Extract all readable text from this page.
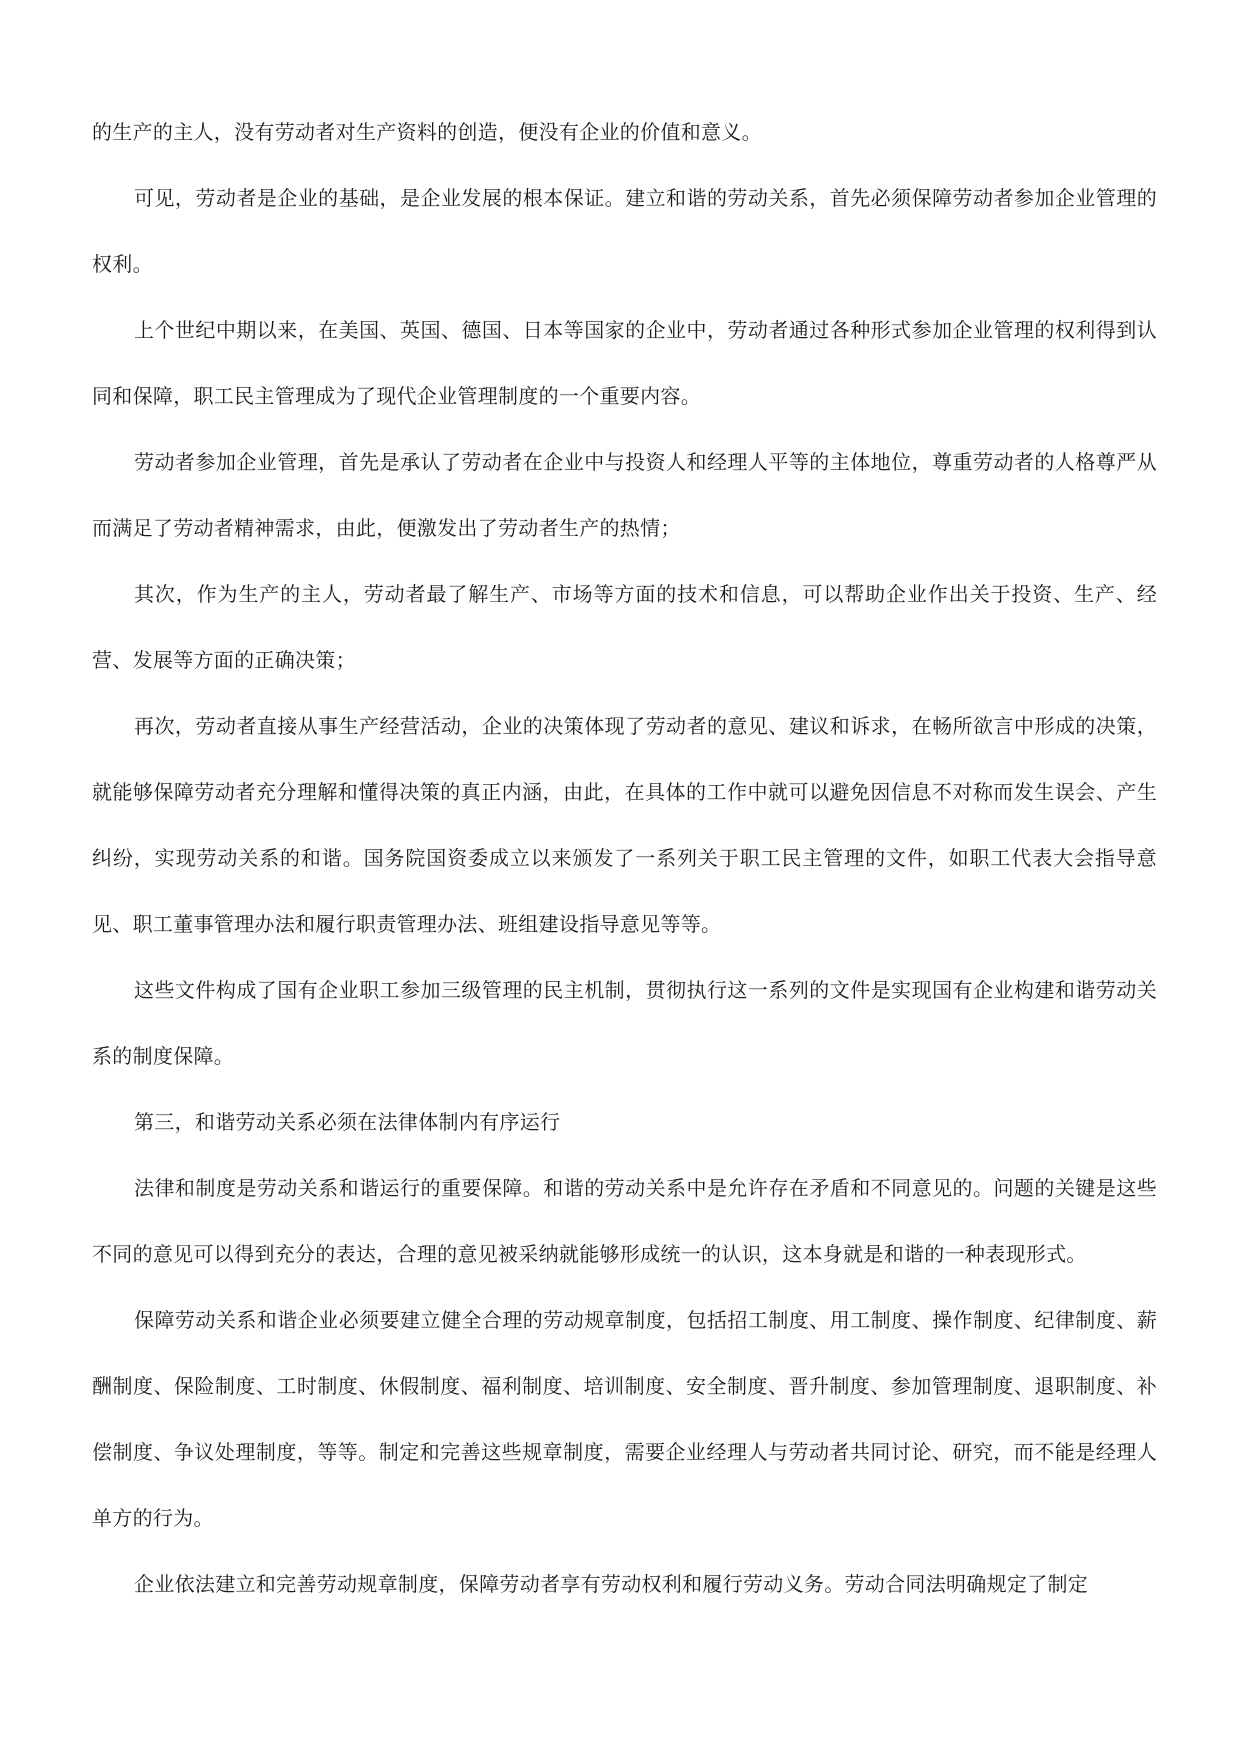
的生产的主人，没有劳动者对生产资料的创造，便没有企业的价值和意义。

可见，劳动者是企业的基础，是企业发展的根本保证。建立和谐的劳动关系，首先必须保障劳动者参加企业管理的权利。

上个世纪中期以来，在美国、英国、德国、日本等国家的企业中，劳动者通过各种形式参加企业管理的权利得到认同和保障，职工民主管理成为了现代企业管理制度的一个重要内容。

劳动者参加企业管理，首先是承认了劳动者在企业中与投资人和经理人平等的主体地位，尊重劳动者的人格尊严从而满足了劳动者精神需求，由此，便激发出了劳动者生产的热情；

其次，作为生产的主人，劳动者最了解生产、市场等方面的技术和信息，可以帮助企业作出关于投资、生产、经营、发展等方面的正确决策；

再次，劳动者直接从事生产经营活动，企业的决策体现了劳动者的意见、建议和诉求，在畅所欲言中形成的决策，就能够保障劳动者充分理解和懂得决策的真正内涵，由此，在具体的工作中就可以避免因信息不对称而发生误会、产生纠纷，实现劳动关系的和谐。国务院国资委成立以来颁发了一系列关于职工民主管理的文件，如职工代表大会指导意见、职工董事管理办法和履行职责管理办法、班组建设指导意见等等。

这些文件构成了国有企业职工参加三级管理的民主机制，贯彻执行这一系列的文件是实现国有企业构建和谐劳动关系的制度保障。

第三，和谐劳动关系必须在法律体制内有序运行

法律和制度是劳动关系和谐运行的重要保障。和谐的劳动关系中是允许存在矛盾和不同意见的。问题的关键是这些不同的意见可以得到充分的表达，合理的意见被采纳就能够形成统一的认识，这本身就是和谐的一种表现形式。

保障劳动关系和谐企业必须要建立健全合理的劳动规章制度，包括招工制度、用工制度、操作制度、纪律制度、薪酬制度、保险制度、工时制度、休假制度、福利制度、培训制度、安全制度、晋升制度、参加管理制度、退职制度、补偿制度、争议处理制度，等等。制定和完善这些规章制度，需要企业经理人与劳动者共同讨论、研究，而不能是经理人单方的行为。

企业依法建立和完善劳动规章制度，保障劳动者享有劳动权利和履行劳动义务。劳动合同法明确规定了制定
